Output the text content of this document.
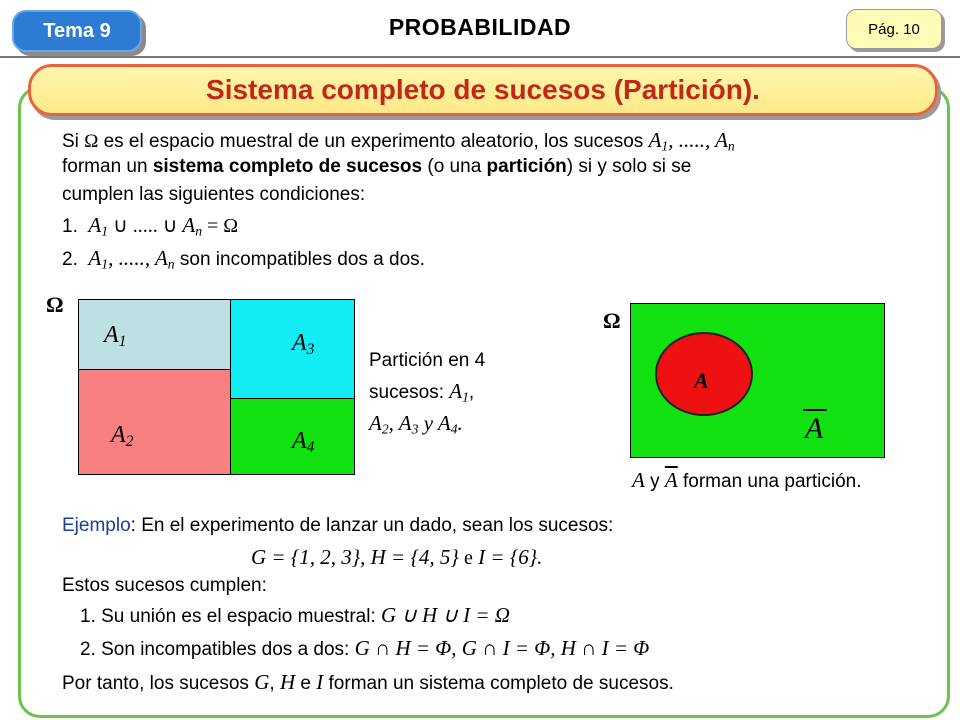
Tema 9	PROBABILIDAD	Pág. 10
Sistema completo de sucesos (Partición).
Si Ω es el espacio muestral de un experimento aleatorio, los sucesos $A_1$, ....., $A_n$
forman un sistema completo de sucesos (o una partición) si y solo si se
cumplen las siguientes condiciones:
1. $A_1$ ∪ ..... ∪ $A_n = \Omega$
2. $A_1$, ....., $A_n$ son incompatibles dos a dos.
Ω
$A_1$
$A_2$
$A_3$
$A_4$
Partición en 4
sucesos: $A_1$,
$A_2$, $A_3$ y $A_4$.
Ω
A
A
A y $\overline{A}$ forman una partición.
Ejemplo: En el experimento de lanzar un dado, sean los sucesos:
G = {1, 2, 3}, H = {4, 5} e I = {6}.
Estos sucesos cumplen:
1. Su unión es el espacio muestral: G ∪ H ∪ I = Ω
2. Son incompatibles dos a dos: G ∩ H = Φ, G ∩ I = Φ, H ∩ I = Φ
Por tanto, los sucesos G, H e I forman un sistema completo de sucesos.
